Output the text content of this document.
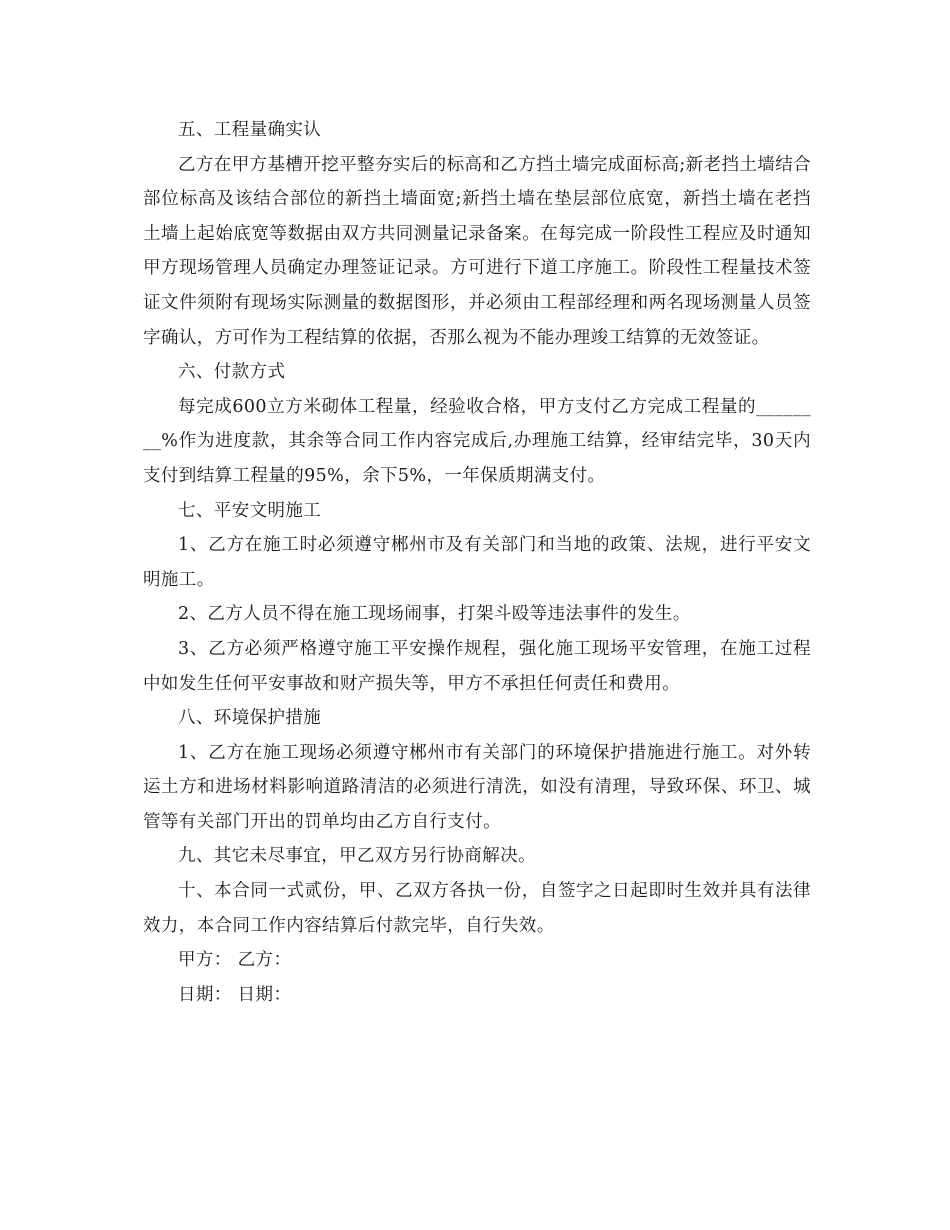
五、工程量确实认

乙方在甲方基槽开挖平整夯实后的标高和乙方挡土墙完成面标高;新老挡土墙结合部位标高及该结合部位的新挡土墙面宽;新挡土墙在垫层部位底宽，新挡土墙在老挡土墙上起始底宽等数据由双方共同测量记录备案。在每完成一阶段性工程应及时通知甲方现场管理人员确定办理签证记录。方可进行下道工序施工。阶段性工程量技术签证文件须附有现场实际测量的数据图形，并必须由工程部经理和两名现场测量人员签字确认，方可作为工程结算的依据，否那么视为不能办理竣工结算的无效签证。

六、付款方式

每完成600立方米砌体工程量，经验收合格，甲方支付乙方完成工程量的________%作为进度款，其余等合同工作内容完成后,办理施工结算，经审结完毕，30天内支付到结算工程量的95%，余下5%，一年保质期满支付。

七、平安文明施工

1、乙方在施工时必须遵守郴州市及有关部门和当地的政策、法规，进行平安文明施工。

2、乙方人员不得在施工现场闹事，打架斗殴等违法事件的发生。

3、乙方必须严格遵守施工平安操作规程，强化施工现场平安管理，在施工过程中如发生任何平安事故和财产损失等，甲方不承担任何责任和费用。

八、环境保护措施

1、乙方在施工现场必须遵守郴州市有关部门的环境保护措施进行施工。对外转运土方和进场材料影响道路清洁的必须进行清洗，如没有清理，导致环保、环卫、城管等有关部门开出的罚单均由乙方自行支付。

九、其它未尽事宜，甲乙双方另行协商解决。

十、本合同一式贰份，甲、乙双方各执一份，自签字之日起即时生效并具有法律效力，本合同工作内容结算后付款完毕，自行失效。

甲方： 乙方：

日期： 日期：
